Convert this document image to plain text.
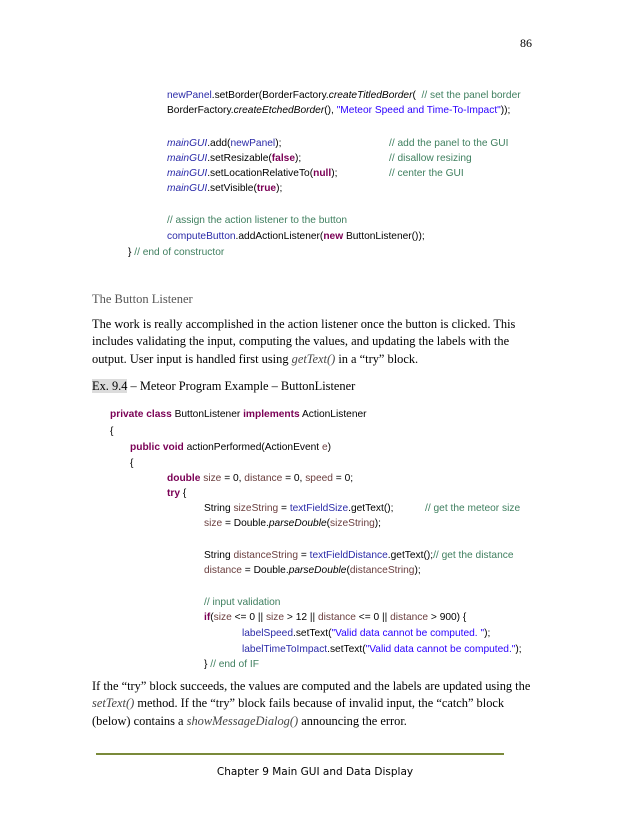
86
newPanel.setBorder(BorderFactory.createTitledBorder(  // set the panel border
BorderFactory.createEtchedBorder(), "Meteor Speed and Time-To-Impact"));
mainGUI.add(newPanel);
mainGUI.setResizable(false);
mainGUI.setLocationRelativeTo(null);
mainGUI.setVisible(true);
// assign the action listener to the button
computeButton.addActionListener(new ButtonListener());
} // end of constructor
// add the panel to the GUI
// disallow resizing
// center the GUI
The Button Listener

The work is really accomplished in the action listener once the button is clicked. This includes validating the input, computing the values, and updating the labels with the output. User input is handled first using getText() in a “try” block.

Ex. 9.4 – Meteor Program Example – ButtonListener
private class ButtonListener implements ActionListener
{
public void actionPerformed(ActionEvent e)
{
double size = 0, distance = 0, speed = 0;
try {
String sizeString = textFieldSize.getText();
size = Double.parseDouble(sizeString);
String distanceString = textFieldDistance.getText();// get the distance
distance = Double.parseDouble(distanceString);
// input validation
if(size <= 0 || size > 12 || distance <= 0 || distance > 900) {
labelSpeed.setText("Valid data cannot be computed. ");
labelTimeToImpact.setText("Valid data cannot be computed.");
} // end of IF
// get the meteor size

If the “try” block succeeds, the values are computed and the labels are updated using the setText() method. If the “try” block fails because of invalid input, the “catch” block (below) contains a showMessageDialog() announcing the error.

Chapter 9 Main GUI and Data Display
